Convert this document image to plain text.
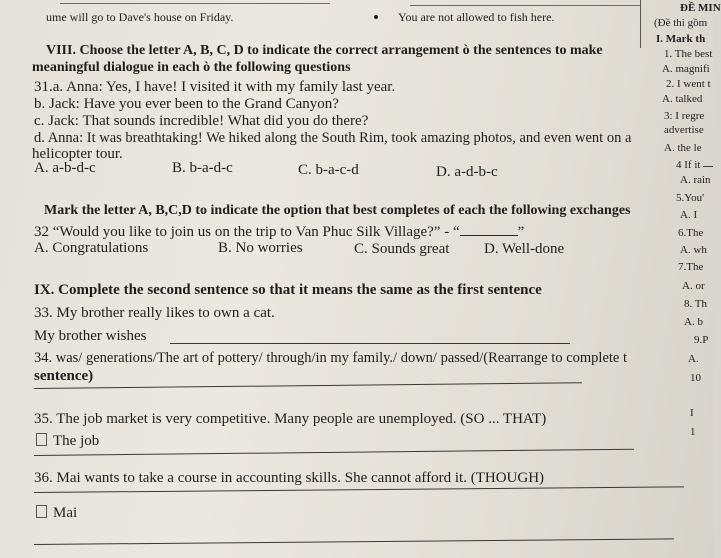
ume will go to Dave's house on Friday.	You are not allowed to fish here.
ĐỀ MIN
(Đề thi gồm
I. Mark th
1. The best
A. magnifi
2. I went t
A. talked
3: I regre
advertise
A. the le
4 If it
A. rain
5.You'
A. I
6.The
A. wh
7.The
A. or
8. Th
A. b
9.P
A.
10
I
1
VIII. Choose the letter A, B, C, D to indicate the correct arrangement ò the sentences to make
meaningful dialogue in each ò the following questions
31.a. Anna: Yes, I have! I visited it with my family last year.
b. Jack: Have you ever been to the Grand Canyon?
c. Jack: That sounds incredible! What did you do there?
d. Anna: It was breathtaking! We hiked along the South Rim, took amazing photos, and even went on a
helicopter tour.
A. a-b-d-c	B. b-a-d-c	C. b-a-c-d	D. a-d-b-c
Mark the letter A, B,C,D to indicate the option that best completes of each the following exchanges
32 “Would you like to join us on the trip to Van Phuc Silk Village?” - “	”
A. Congratulations	B. No worries	C. Sounds great D. Well-done
IX. Complete the second sentence so that it means the same as the first sentence
33. My brother really likes to own a cat.
My brother wishes
34. was/ generations/The art of pottery/ through/in my family./ down/ passed/(Rearrange to complete t
sentence)
35. The job market is very competitive. Many people are unemployed. (SO ... THAT)
The job
36. Mai wants to take a course in accounting skills. She cannot afford it. (THOUGH)
Mai
